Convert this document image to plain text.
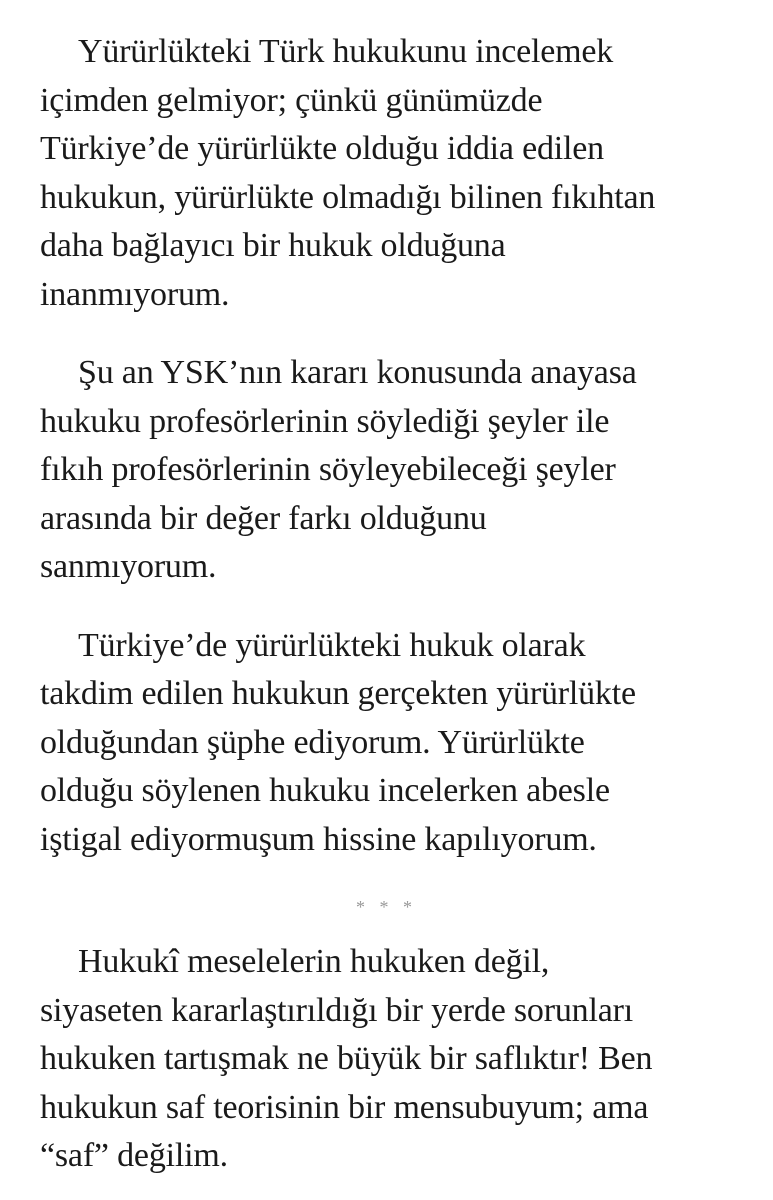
Yürürlükteki Türk hukukunu incelemek
içimden gelmiyor; çünkü günümüzde
Türkiye’de yürürlükte olduğu iddia edilen
hukukun, yürürlükte olmadığı bilinen fıkıhtan
daha bağlayıcı bir hukuk olduğuna
inanmıyorum.
Şu an YSK’nın kararı konusunda anayasa
hukuku profesörlerinin söylediği şeyler ile
fıkıh profesörlerinin söyleyebileceği şeyler
arasında bir değer farkı olduğunu
sanmıyorum.
Türkiye’de yürürlükteki hukuk olarak
takdim edilen hukukun gerçekten yürürlükte
olduğundan şüphe ediyorum. Yürürlükte
olduğu söylenen hukuku incelerken abesle
iştigal ediyormuşum hissine kapılıyorum.
* * *
Hukukî meselelerin hukuken değil,
siyaseten kararlaştırıldığı bir yerde sorunları
hukuken tartışmak ne büyük bir saflıktır! Ben
hukukun saf teorisinin bir mensubuyum; ama
“saf” değilim.
